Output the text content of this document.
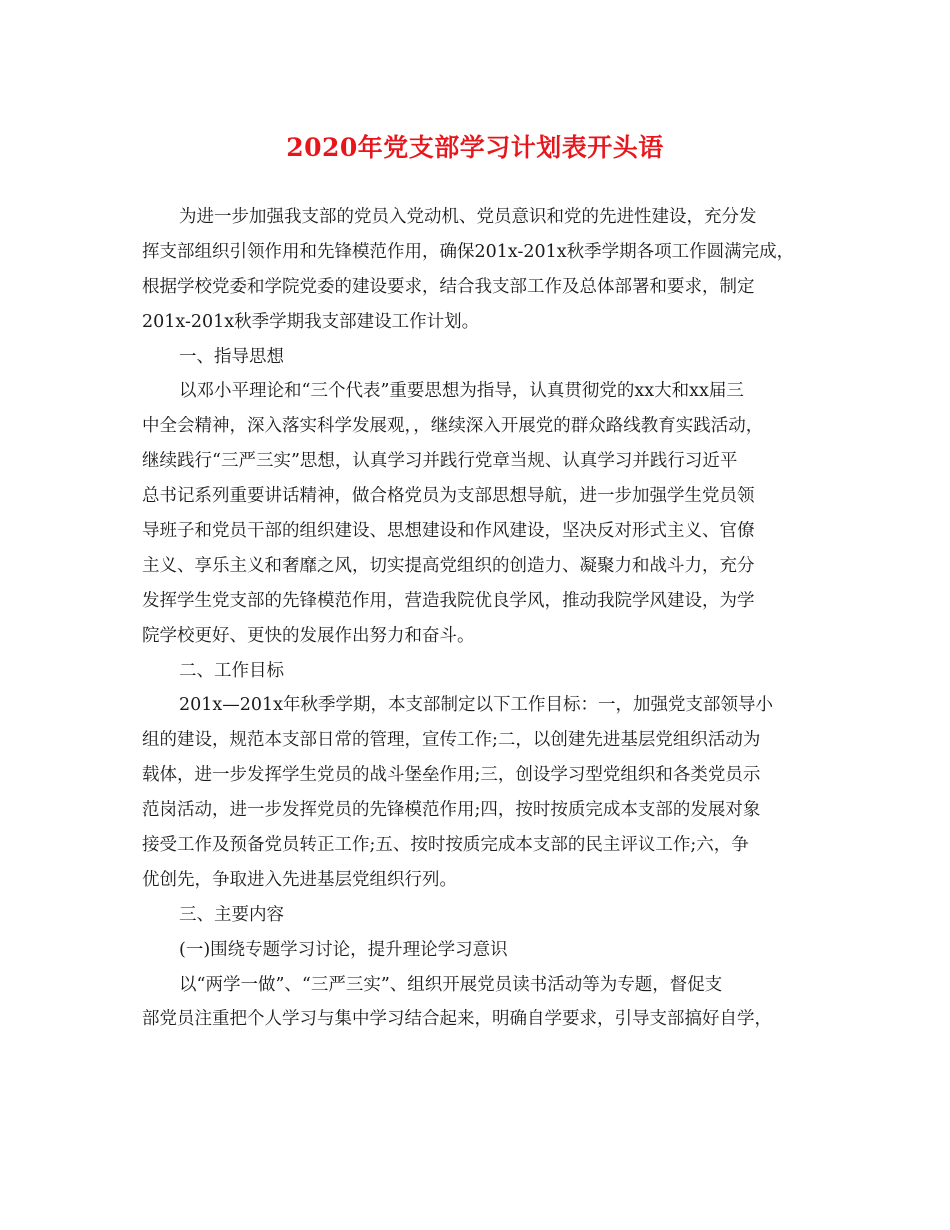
2020年党支部学习计划表开头语
为进一步加强我支部的党员入党动机、党员意识和党的先进性建设，充分发
挥支部组织引领作用和先锋模范作用，确保201x-201x秋季学期各项工作圆满完成，
根据学校党委和学院党委的建设要求，结合我支部工作及总体部署和要求，制定
201x-201x秋季学期我支部建设工作计划。
一、指导思想
以邓小平理论和“三个代表”重要思想为指导，认真贯彻党的xx大和xx届三
中全会精神，深入落实科学发展观，，继续深入开展党的群众路线教育实践活动，
继续践行“三严三实”思想，认真学习并践行党章当规、认真学习并践行习近平
总书记系列重要讲话精神，做合格党员为支部思想导航，进一步加强学生党员领
导班子和党员干部的组织建设、思想建设和作风建设，坚决反对形式主义、官僚
主义、享乐主义和奢靡之风，切实提高党组织的创造力、凝聚力和战斗力，充分
发挥学生党支部的先锋模范作用，营造我院优良学风，推动我院学风建设，为学
院学校更好、更快的发展作出努力和奋斗。
二、工作目标
201x—201x年秋季学期，本支部制定以下工作目标：一，加强党支部领导小
组的建设，规范本支部日常的管理，宣传工作;二，以创建先进基层党组织活动为
载体，进一步发挥学生党员的战斗堡垒作用;三，创设学习型党组织和各类党员示
范岗活动，进一步发挥党员的先锋模范作用;四，按时按质完成本支部的发展对象
接受工作及预备党员转正工作;五、按时按质完成本支部的民主评议工作;六，争
优创先，争取进入先进基层党组织行列。
三、主要内容
(一)围绕专题学习讨论，提升理论学习意识
以“两学一做”、“三严三实”、组织开展党员读书活动等为专题，督促支
部党员注重把个人学习与集中学习结合起来，明确自学要求，引导支部搞好自学，
